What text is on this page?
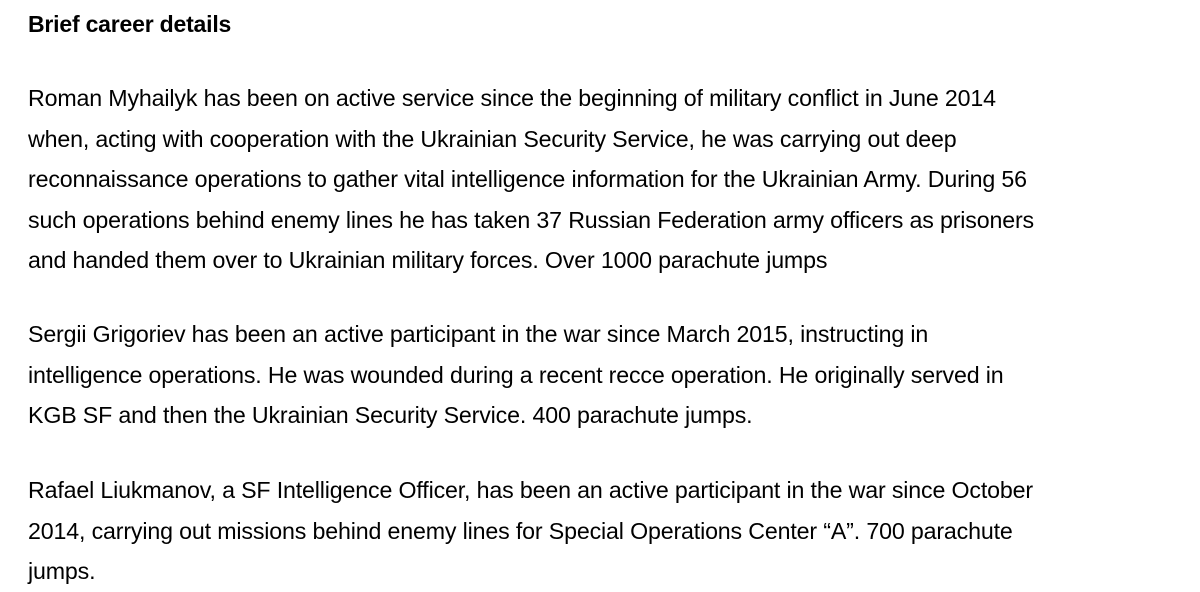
Brief career details
Roman Myhailyk has been on active service since the beginning of military conflict in June 2014
when, acting with cooperation with the Ukrainian Security Service, he was carrying out deep
reconnaissance operations to gather vital intelligence information for the Ukrainian Army. During 56
such operations behind enemy lines he has taken 37 Russian Federation army officers as prisoners
and handed them over to Ukrainian military forces. Over 1000 parachute jumps
Sergii Grigoriev has been an active participant in the war since March 2015, instructing in
intelligence operations. He was wounded during a recent recce operation. He originally served in
KGB SF and then the Ukrainian Security Service. 400 parachute jumps.
Rafael Liukmanov, a SF Intelligence Officer, has been an active participant in the war since October
2014, carrying out missions behind enemy lines for Special Operations Center “A”. 700 parachute
jumps.
